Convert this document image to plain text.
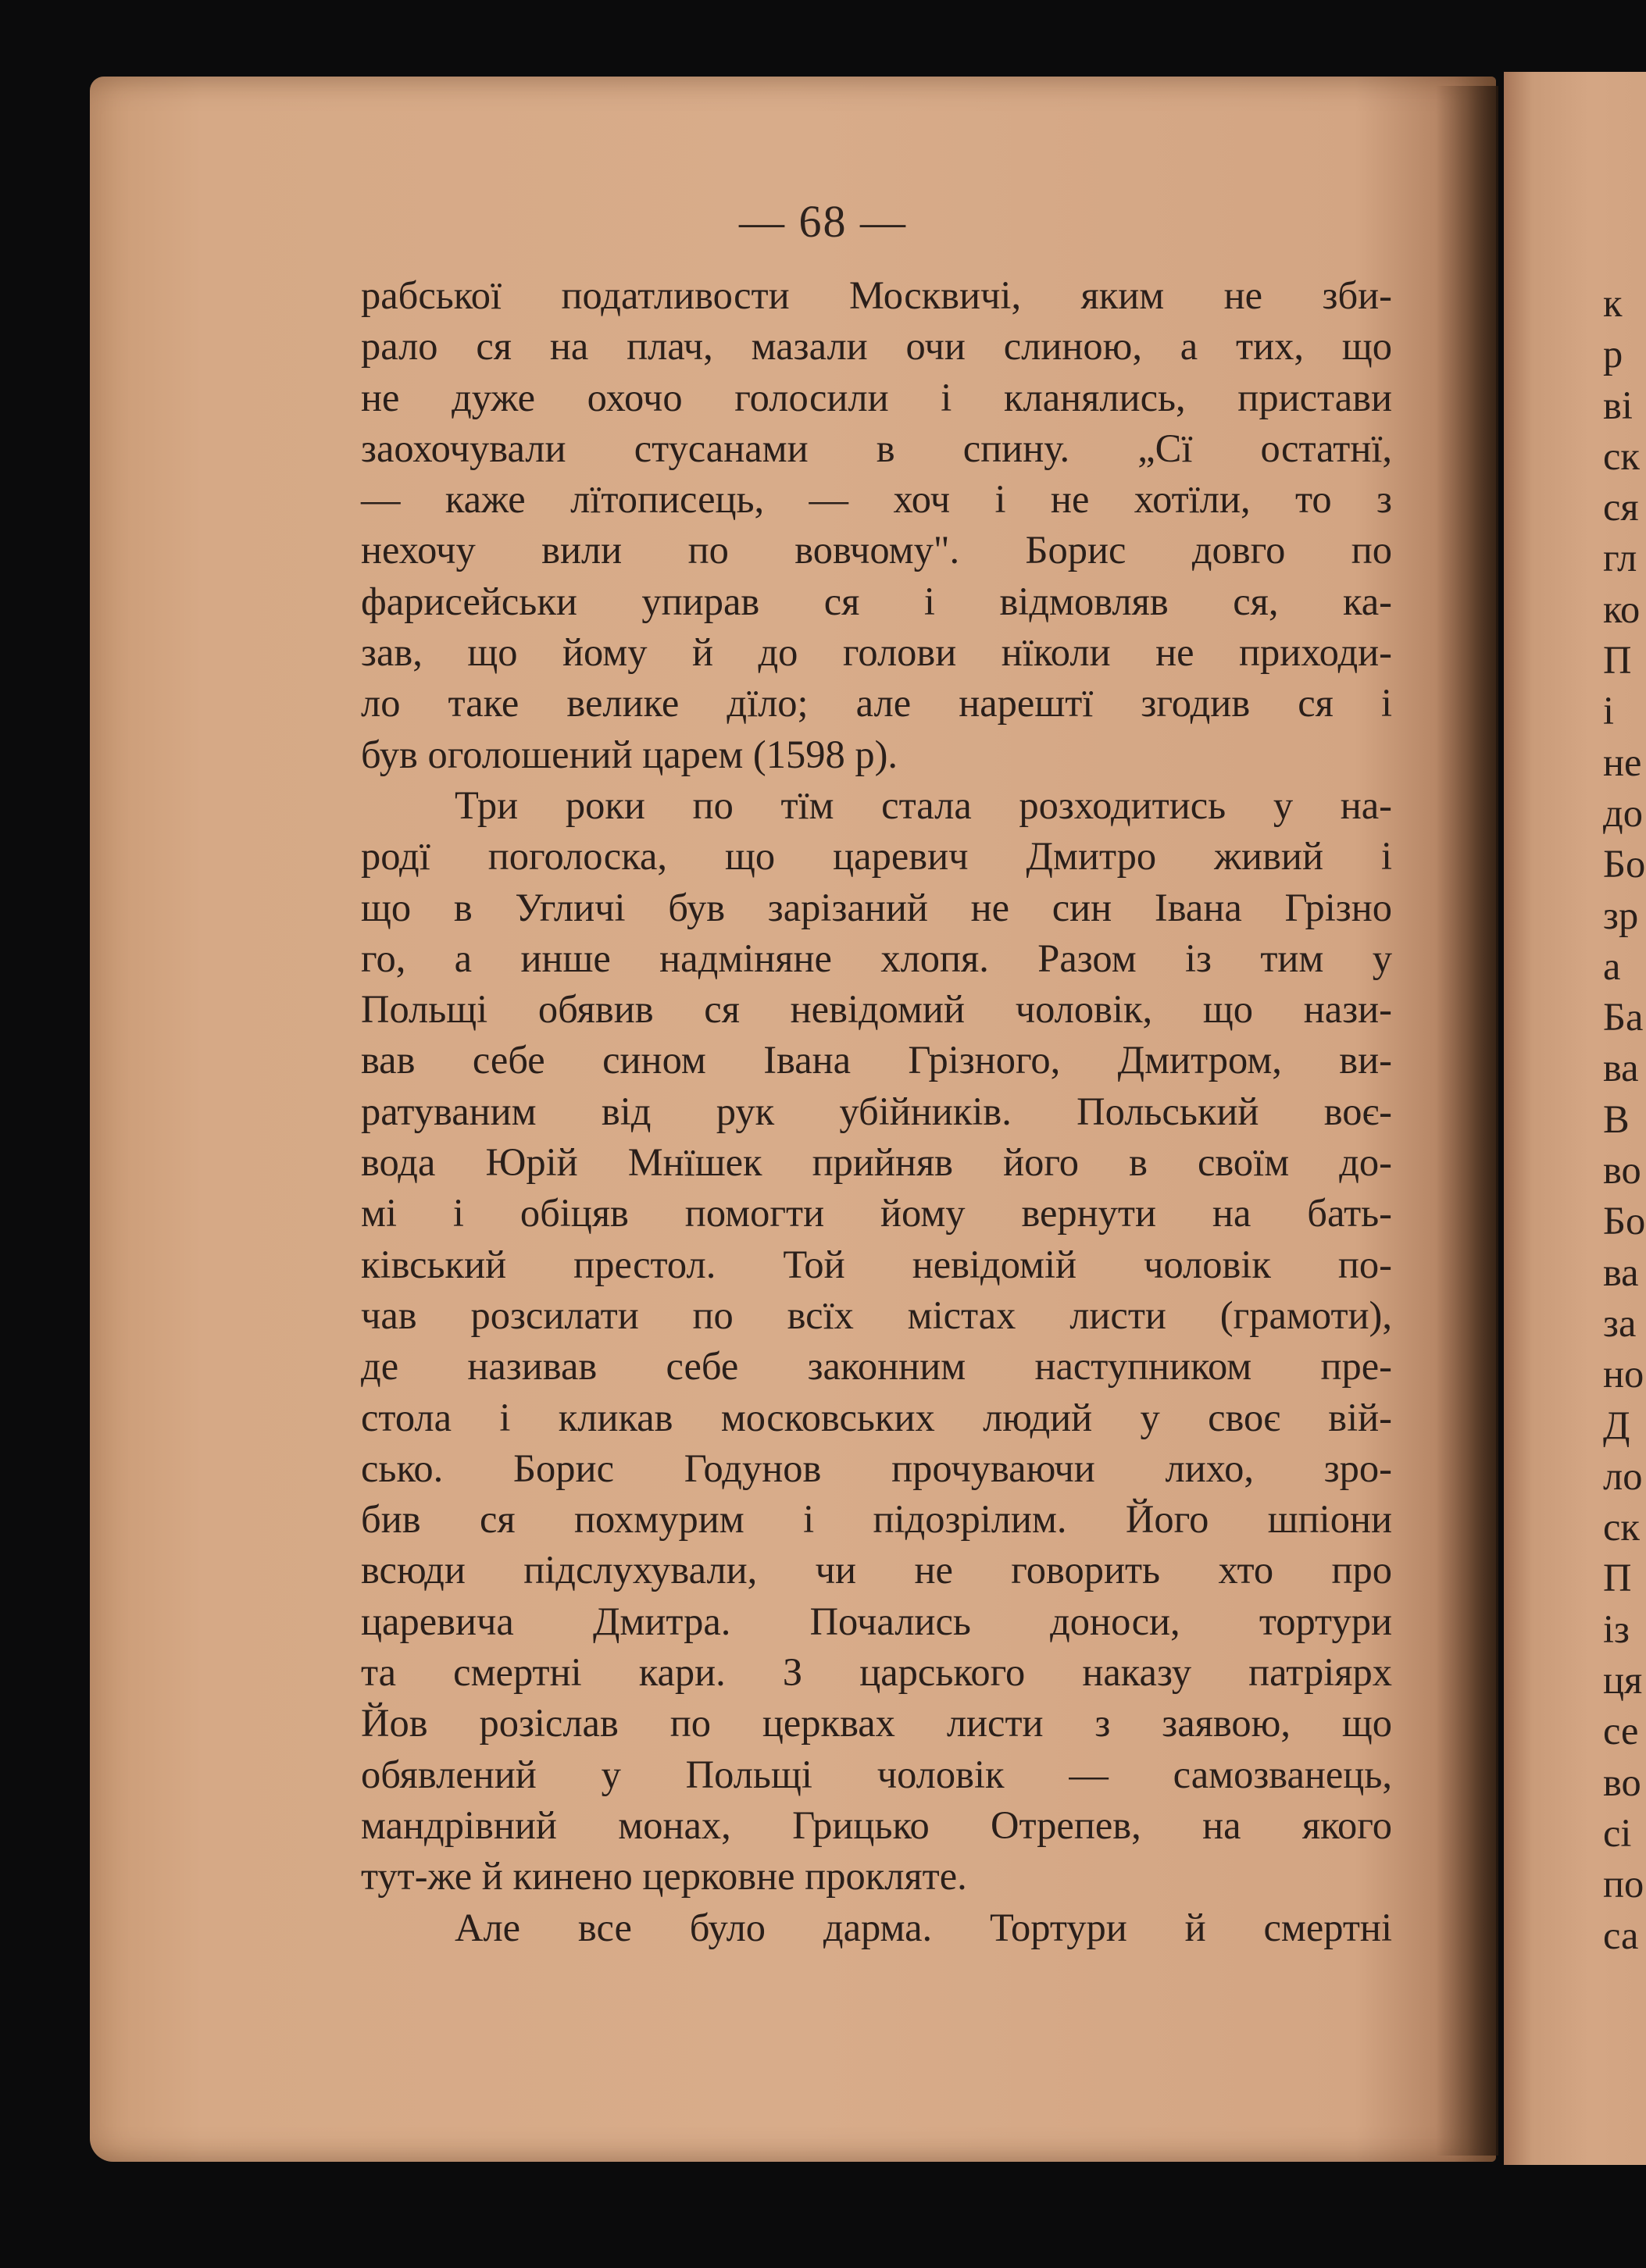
— 68 —
рабської податливости Москвичі, яким не зби-
рало ся на плач, мазали очи слиною, а тих, що
не дуже охочо голосили і кланялись, пристави
заохочували стусанами в спину. „Сї остатнї,
— каже лїтописець, — хоч і не хотїли, то з
нехочу вили по вовчому". Борис довго по
фарисейськи упирав ся і відмовляв ся, ка-
зав, що йому й до голови нїколи не приходи-
ло таке велике дїло; але нарештї згодив ся і
був оголошений царем (1598 р).
Три роки по тїм стала розходитись у на-
родї поголоска, що царевич Дмитро живий і
що в Угличі був зарізаний не син Івана Грізно
го, а инше надміняне хлопя. Разом із тим у
Польщі обявив ся невідомий чоловік, що нази-
вав себе сином Івана Грізного, Дмитром, ви-
ратуваним від рук убійників. Польський воє-
вода Юрій Мнїшек прийняв його в своїм до-
мі і обіцяв помогти йому вернути на бать-
ківський престол. Той невідомій чоловік по-
чав розсилати по всїх містах листи (грамоти),
де називав себе законним наступником пре-
стола і кликав московських людий у своє вій-
сько. Борис Годунов прочуваючи лихо, зро-
бив ся похмурим і підозрілим. Його шпіони
всюди підслухували, чи не говорить хто про
царевича Дмитра. Почались доноси, тортури
та смертні кари. З царського наказу патріярх
Йов розіслав по церквах листи з заявою, що
обявлений у Польщі чоловік — самозванець,
мандрівний монах, Грицько Отрепев, на якого
тут-же й кинено церковне прокляте.
Але все було дарма. Тортури й смертні
к
р
ві
ск
ся
гл
ко
П
і
не
до
Бо
зр
а
Ба
ва
В
во
Бо
ва
за
но
Д
ло
ск
П
із
ця
се
во
сі
по
са
